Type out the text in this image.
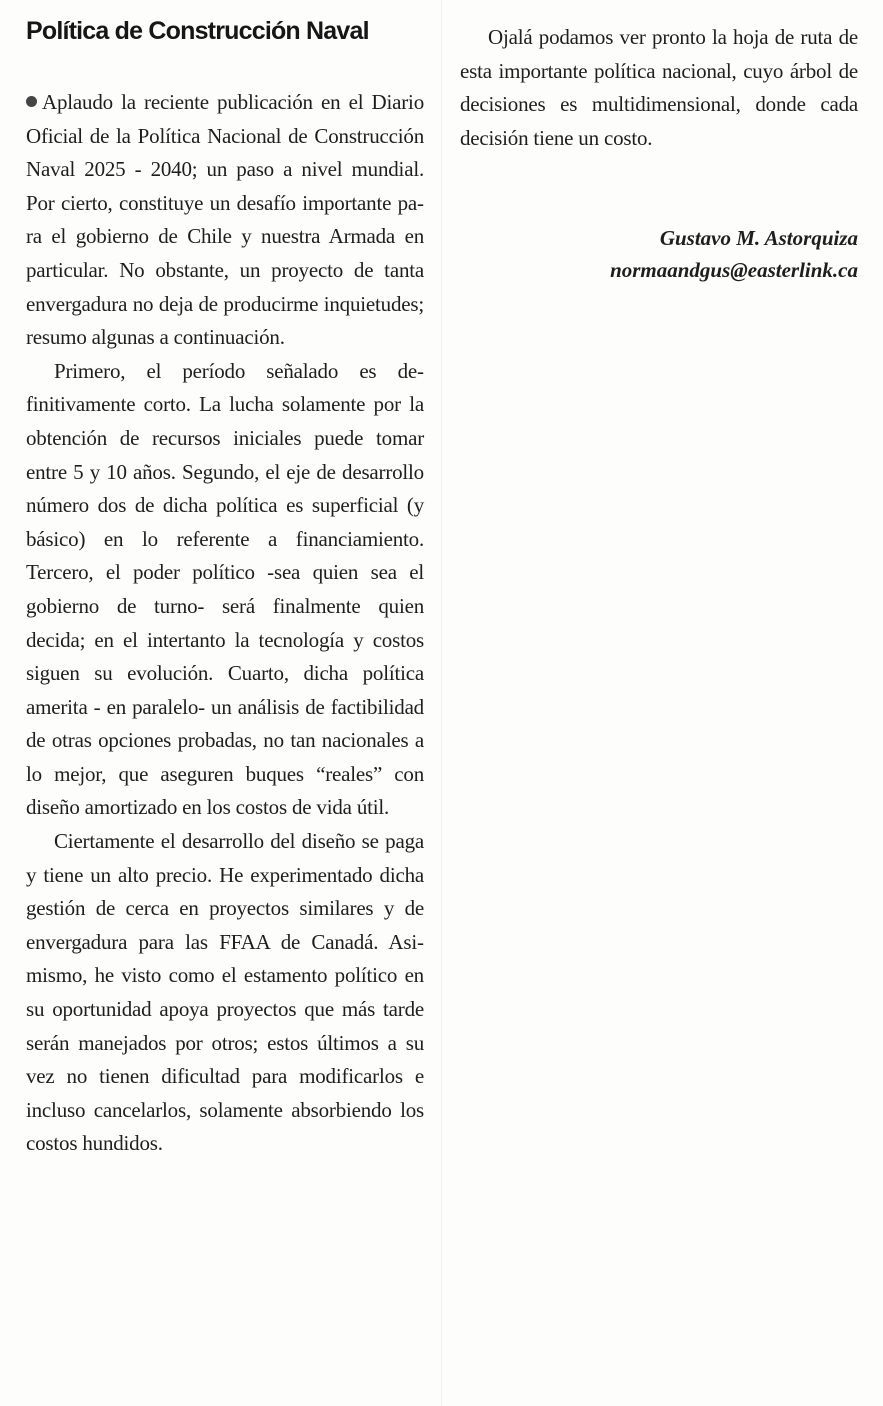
Política de Construcción Naval

Aplaudo la reciente publicación en el Diario Oficial de la Política Nacional de Construcción Naval 2025 - 2040; un paso a nivel mundial. Por cierto, constituye un desafío importante para el gobierno de Chile y nuestra Armada en particular. No obstante, un proyecto de tanta envergadura no deja de producirme inquietudes; resumo algunas a continuación.

Primero, el período señalado es definitivamente corto. La lucha solamente por la obtención de recursos iniciales puede tomar entre 5 y 10 años. Segundo, el eje de desarrollo número dos de dicha política es superficial (y básico) en lo referente a financiamiento. Tercero, el poder político -sea quien sea el gobierno de turno- será finalmente quien decida; en el intertanto la tecnología y costos siguen su evolución. Cuarto, dicha política amerita - en paralelo- un análisis de factibilidad de otras opciones probadas, no tan nacionales a lo mejor, que aseguren buques “reales” con diseño amortizado en los costos de vida útil.

Ciertamente el desarrollo del diseño se paga y tiene un alto precio. He experimentado dicha gestión de cerca en proyectos similares y de envergadura para las FFAA de Canadá. Asimismo, he visto como el estamento político en su oportunidad apoya proyectos que más tarde serán manejados por otros; estos últimos a su vez no tienen dificultad para modificarlos e incluso cancelarlos, solamente absorbiendo los costos hundidos.

Ojalá podamos ver pronto la hoja de ruta de esta importante política nacional, cuyo árbol de decisiones es multidimensional, donde cada decisión tiene un costo.

Gustavo M. Astorquiza
normaandgus@easterlink.ca
